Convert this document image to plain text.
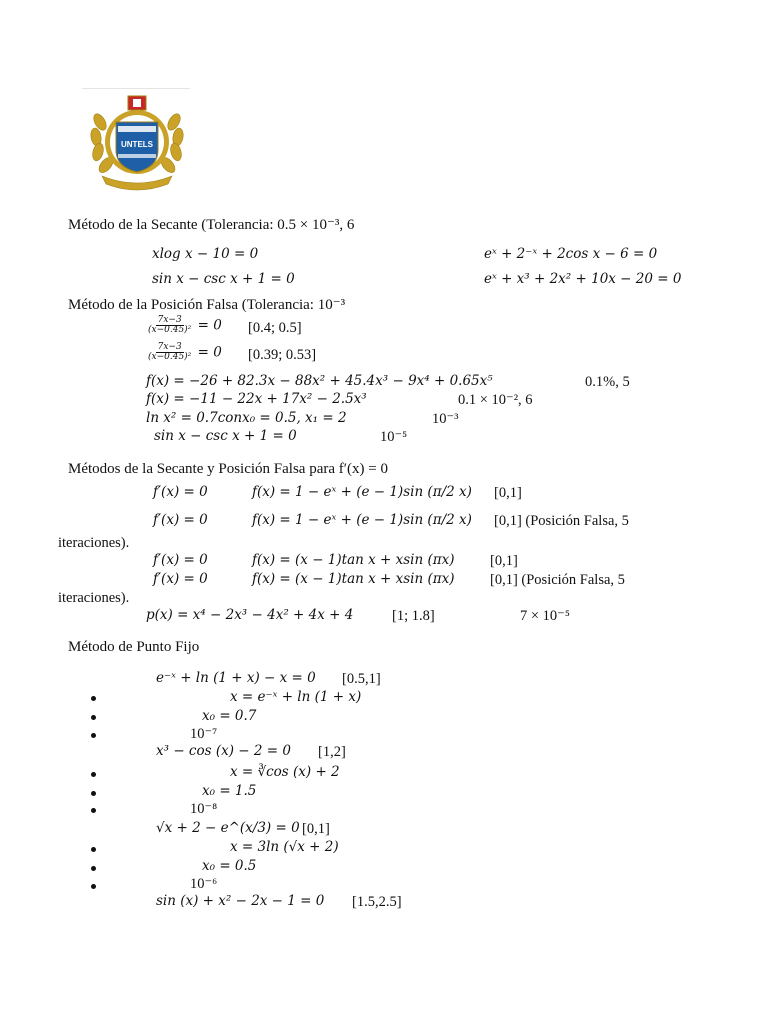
UNTELS
Método de la Secante (Tolerancia: 0.5 × 10⁻³, 6
xlog x − 10 = 0	eˣ + 2⁻ˣ + 2cos x − 6 = 0
sin x − csc x + 1 = 0	eˣ + x³ + 2x² + 10x − 20 = 0
Método de la Posición Falsa (Tolerancia: 10⁻³
$\frac{7x-3}{\text{(x−0.45)²}} = 0$ [0.4; 0.5]
$\frac{7x-3}{\text{(x−0.45)²}} = 0$ [0.39; 0.53]
f(x) = −26 + 82.3x − 88x² + 45.4x³ − 9x⁴ + 0.65x⁵	0.1%, 5
f(x) = −11 − 22x + 17x² − 2.5x³	0.1 × 10⁻², 6
ln x² = 0.7conx₀ = 0.5, x₁ = 2	10⁻³
sin x − csc x + 1 = 0	10⁻⁵
Métodos de la Secante y Posición Falsa para f′(x) = 0
f′(x) = 0	f(x) = 1 − eˣ + (e − 1)sin (π/2 x) [0,1]
f′(x) = 0	f(x) = 1 − eˣ + (e − 1)sin (π/2 x) [0,1] (Posición Falsa, 5
iteraciones).
f′(x) = 0	f(x) = (x − 1)tan x + xsin (πx) [0,1]
f′(x) = 0	f(x) = (x − 1)tan x + xsin (πx) [0,1] (Posición Falsa, 5
iteraciones).
p(x) = x⁴ − 2x³ − 4x² + 4x + 4	[1; 1.8]	7 × 10⁻⁵
Método de Punto Fijo
e⁻ˣ + ln (1 + x) − x = 0 [0.5,1]
x = e⁻ˣ + ln (1 + x)
x₀ = 0.7
10⁻⁷
x³ − cos (x) − 2 = 0 [1,2]
x = ∛cos (x) + 2
x₀ = 1.5
10⁻⁸
√x + 2 − e^(x/3) = 0 [0,1]
x = 3ln (√x + 2)
x₀ = 0.5
10⁻⁶
sin (x) + x² − 2x − 1 = 0 [1.5,2.5]
